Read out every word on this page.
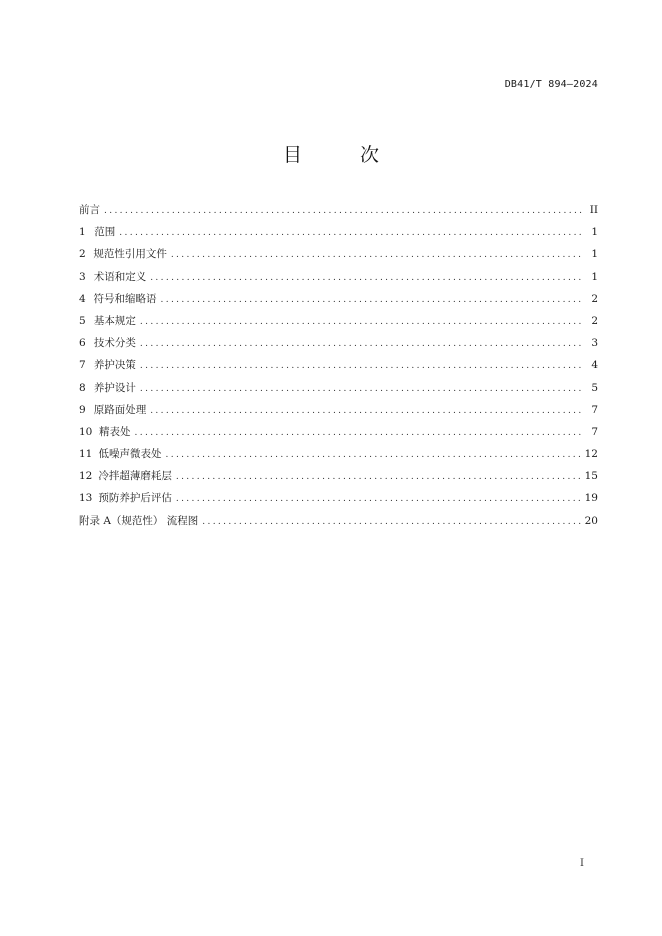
DB41/T 894—2024
目 次
前言 . . .	II
1 范围 . . .	1
2 规范性引用文件 . . .	1
3 术语和定义 . . .	1
4 符号和缩略语 . . .	2
5 基本规定 . . .	2
6 技术分类 . . .	3
7 养护决策 . . .	4
8 养护设计 . . .	5
9 原路面处理 . . .	7
10 精表处 . . .	7
11 低噪声微表处 . . .	12
12 冷拌超薄磨耗层 . . .	15
13 预防养护后评估 . . .	19
附录 A（规范性） 流程图 . . .	20
I
